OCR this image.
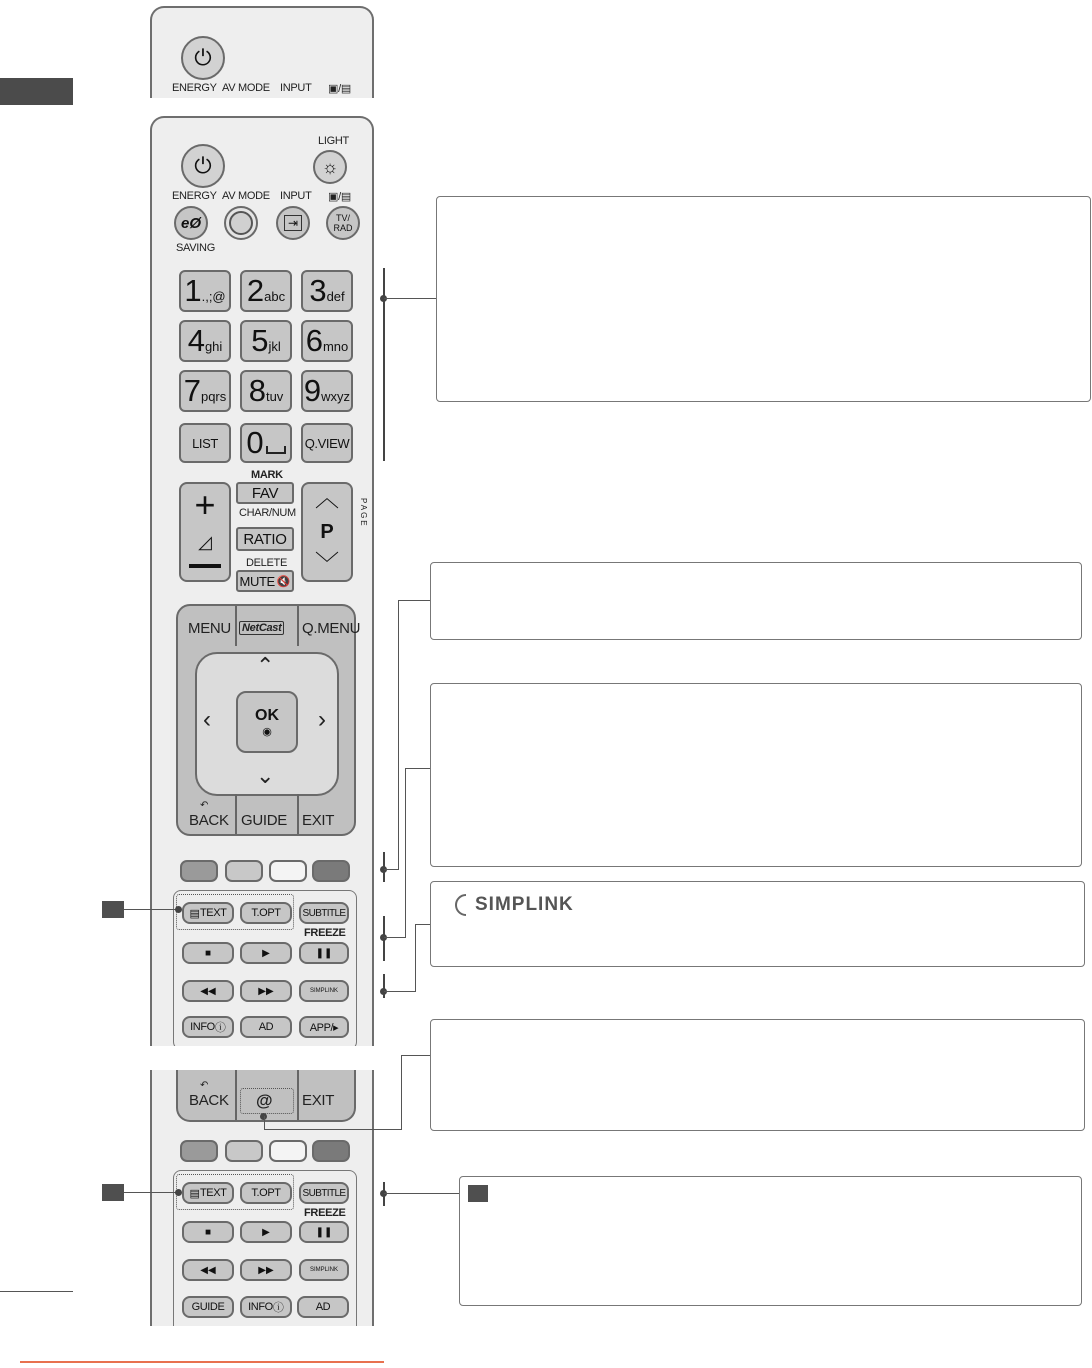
⏻
ENERGY AV MODE INPUT ▣/▤
⏻
LIGHT
☼
ENERGY AV MODE INPUT ▣/▤
eØ	⇥	TV/ RAD
SAVING
1 .,;@ 2 abc 3 def
4 ghi 5 jkl 6 mno
7 pqrs 8 tuv 9 wxyz
LIST 0	Q.VIEW
+
◿
MARK
FAV
CHAR/NUM
RATIO
DELETE
MUTE 🔇
︿
P
﹀
PAGE
MENU NetCast Q.MENU
⌃
⌄
‹	›
OK
◉
↶
BACK GUIDE EXIT
▤ TEXT T.OPT SUBTITLE
FREEZE
■	▶	❚❚
◀◀	▶▶	SIMPLINK
INFO ⓘ	AD	APP/▸
↶
BACK @ EXIT
▤ TEXT T.OPT SUBTITLE
FREEZE
■	▶	❚❚
◀◀	▶▶	SIMPLINK
GUIDE INFO ⓘ	AD
SIMPLINK
